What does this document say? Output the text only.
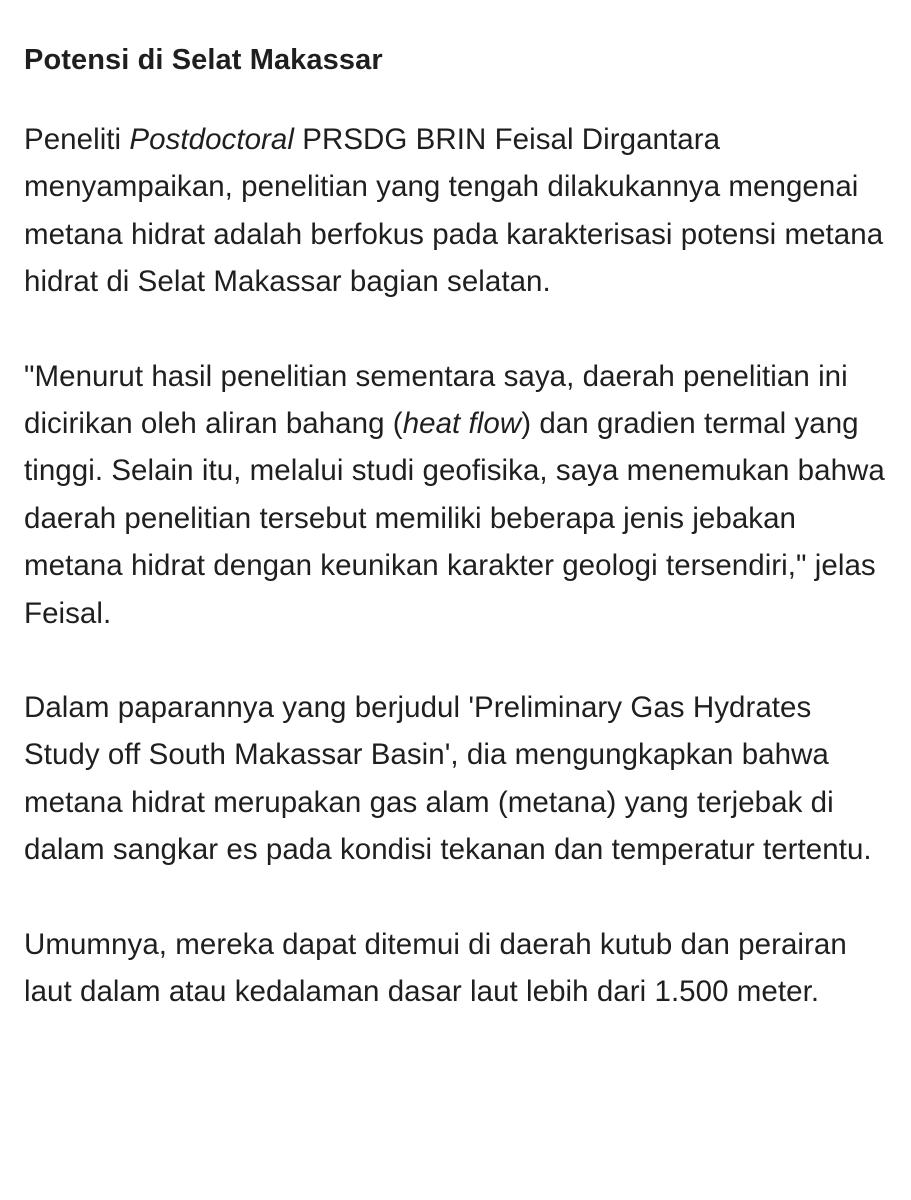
Potensi di Selat Makassar

Peneliti Postdoctoral PRSDG BRIN Feisal Dirgantara menyampaikan, penelitian yang tengah dilakukannya mengenai metana hidrat adalah berfokus pada karakterisasi potensi metana hidrat di Selat Makassar bagian selatan.

"Menurut hasil penelitian sementara saya, daerah penelitian ini dicirikan oleh aliran bahang (heat flow) dan gradien termal yang tinggi. Selain itu, melalui studi geofisika, saya menemukan bahwa daerah penelitian tersebut memiliki beberapa jenis jebakan metana hidrat dengan keunikan karakter geologi tersendiri," jelas Feisal.

Dalam paparannya yang berjudul 'Preliminary Gas Hydrates Study off South Makassar Basin', dia mengungkapkan bahwa metana hidrat merupakan gas alam (metana) yang terjebak di dalam sangkar es pada kondisi tekanan dan temperatur tertentu.

Umumnya, mereka dapat ditemui di daerah kutub dan perairan laut dalam atau kedalaman dasar laut lebih dari 1.500 meter.
